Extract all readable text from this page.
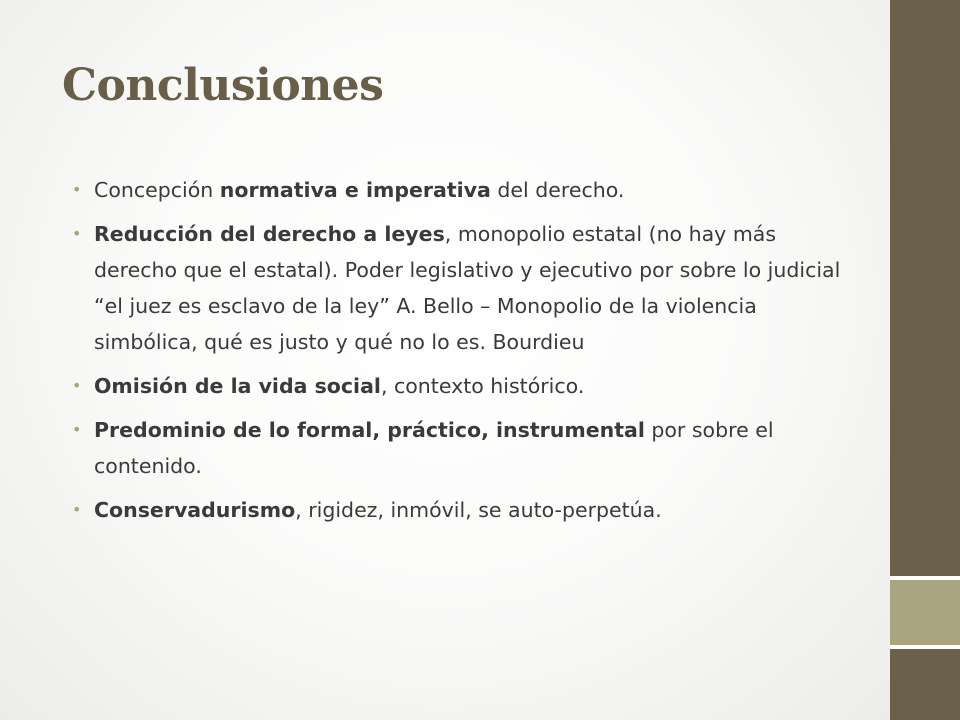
Conclusiones
• Concepción normativa e imperativa del derecho.
• Reducción del derecho a leyes, monopolio estatal (no hay más derecho que el estatal). Poder legislativo y ejecutivo por sobre lo judicial
“el juez es esclavo de la ley” A. Bello – Monopolio de la violencia simbólica, qué es justo y qué no lo es. Bourdieu
• Omisión de la vida social, contexto histórico.
• Predominio de lo formal, práctico, instrumental por sobre el contenido.
• Conservadurismo, rigidez, inmóvil, se auto-perpetúa.
